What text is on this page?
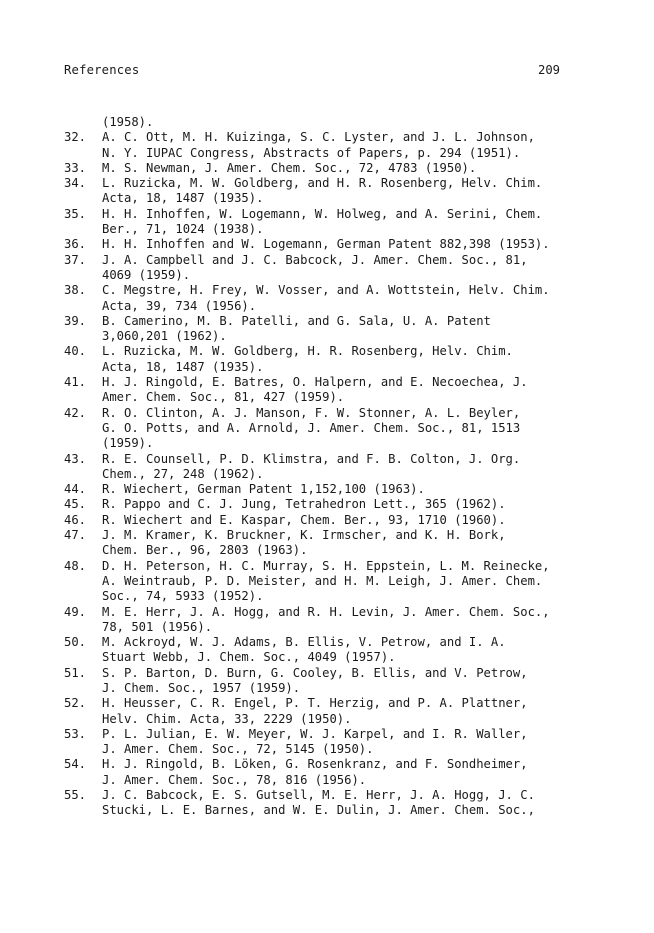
References	209
(1958).
32.	A. C. Ott, M. H. Kuizinga, S. C. Lyster, and J. L. Johnson,
N. Y. IUPAC Congress, Abstracts of Papers, p. 294 (1951).
33.	M. S. Newman, J. Amer. Chem. Soc., 72, 4783 (1950).
34.	L. Ruzicka, M. W. Goldberg, and H. R. Rosenberg, Helv. Chim.
Acta, 18, 1487 (1935).
35.	H. H. Inhoffen, W. Logemann, W. Holweg, and A. Serini, Chem.
Ber., 71, 1024 (1938).
36.	H. H. Inhoffen and W. Logemann, German Patent 882,398 (1953).
37.	J. A. Campbell and J. C. Babcock, J. Amer. Chem. Soc., 81,
4069 (1959).
38.	C. Megstre, H. Frey, W. Vosser, and A. Wottstein, Helv. Chim.
Acta, 39, 734 (1956).
39.	B. Camerino, M. B. Patelli, and G. Sala, U. A. Patent
3,060,201 (1962).
40.	L. Ruzicka, M. W. Goldberg, H. R. Rosenberg, Helv. Chim.
Acta, 18, 1487 (1935).
41.	H. J. Ringold, E. Batres, O. Halpern, and E. Necoechea, J.
Amer. Chem. Soc., 81, 427 (1959).
42.	R. O. Clinton, A. J. Manson, F. W. Stonner, A. L. Beyler,
G. O. Potts, and A. Arnold, J. Amer. Chem. Soc., 81, 1513
(1959).
43.	R. E. Counsell, P. D. Klimstra, and F. B. Colton, J. Org.
Chem., 27, 248 (1962).
44.	R. Wiechert, German Patent 1,152,100 (1963).
45.	R. Pappo and C. J. Jung, Tetrahedron Lett., 365 (1962).
46.	R. Wiechert and E. Kaspar, Chem. Ber., 93, 1710 (1960).
47.	J. M. Kramer, K. Bruckner, K. Irmscher, and K. H. Bork,
Chem. Ber., 96, 2803 (1963).
48.	D. H. Peterson, H. C. Murray, S. H. Eppstein, L. M. Reinecke,
A. Weintraub, P. D. Meister, and H. M. Leigh, J. Amer. Chem.
Soc., 74, 5933 (1952).
49.	M. E. Herr, J. A. Hogg, and R. H. Levin, J. Amer. Chem. Soc.,
78, 501 (1956).
50.	M. Ackroyd, W. J. Adams, B. Ellis, V. Petrow, and I. A.
Stuart Webb, J. Chem. Soc., 4049 (1957).
51.	S. P. Barton, D. Burn, G. Cooley, B. Ellis, and V. Petrow,
J. Chem. Soc., 1957 (1959).
52.	H. Heusser, C. R. Engel, P. T. Herzig, and P. A. Plattner,
Helv. Chim. Acta, 33, 2229 (1950).
53.	P. L. Julian, E. W. Meyer, W. J. Karpel, and I. R. Waller,
J. Amer. Chem. Soc., 72, 5145 (1950).
54.	H. J. Ringold, B. Löken, G. Rosenkranz, and F. Sondheimer,
J. Amer. Chem. Soc., 78, 816 (1956).
55.	J. C. Babcock, E. S. Gutsell, M. E. Herr, J. A. Hogg, J. C.
Stucki, L. E. Barnes, and W. E. Dulin, J. Amer. Chem. Soc.,
